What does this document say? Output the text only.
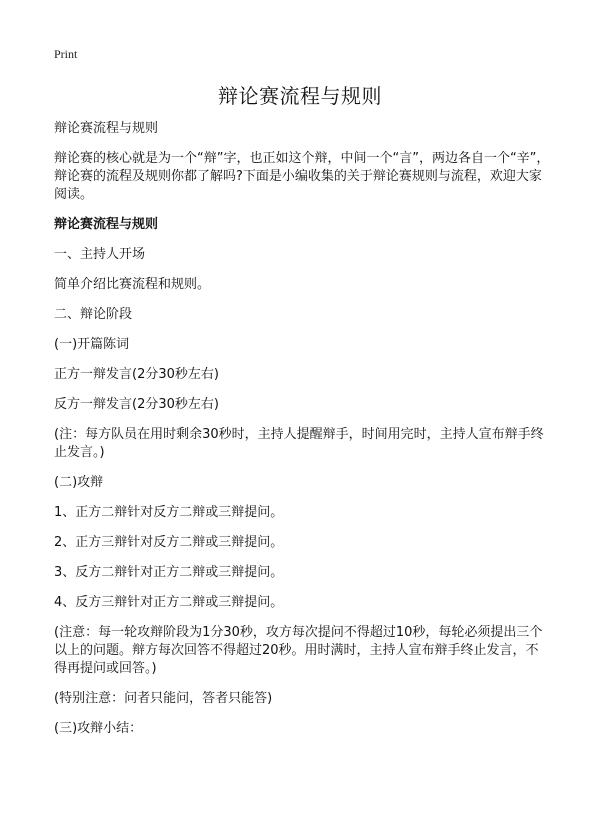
Print
辩论赛流程与规则

辩论赛流程与规则

辩论赛的核心就是为一个“辩”字，也正如这个辩，中间一个“言”，两边各自一个“辛”，辩论赛的流程及规则你都了解吗?下面是小编收集的关于辩论赛规则与流程，欢迎大家阅读。

辩论赛流程与规则

一、主持人开场

简单介绍比赛流程和规则。

二、辩论阶段

(一)开篇陈词

正方一辩发言(2分30秒左右)

反方一辩发言(2分30秒左右)

(注：每方队员在用时剩余30秒时，主持人提醒辩手，时间用完时，主持人宣布辩手终止发言。)

(二)攻辩

1、正方二辩针对反方二辩或三辩提问。

2、正方三辩针对反方二辩或三辩提问。

3、反方二辩针对正方二辩或三辩提问。

4、反方三辩针对正方二辩或三辩提问。

(注意：每一轮攻辩阶段为1分30秒，攻方每次提问不得超过10秒，每轮必须提出三个以上的问题。辩方每次回答不得超过20秒。用时满时，主持人宣布辩手终止发言，不得再提问或回答。)

(特别注意：问者只能问，答者只能答)

(三)攻辩小结：
